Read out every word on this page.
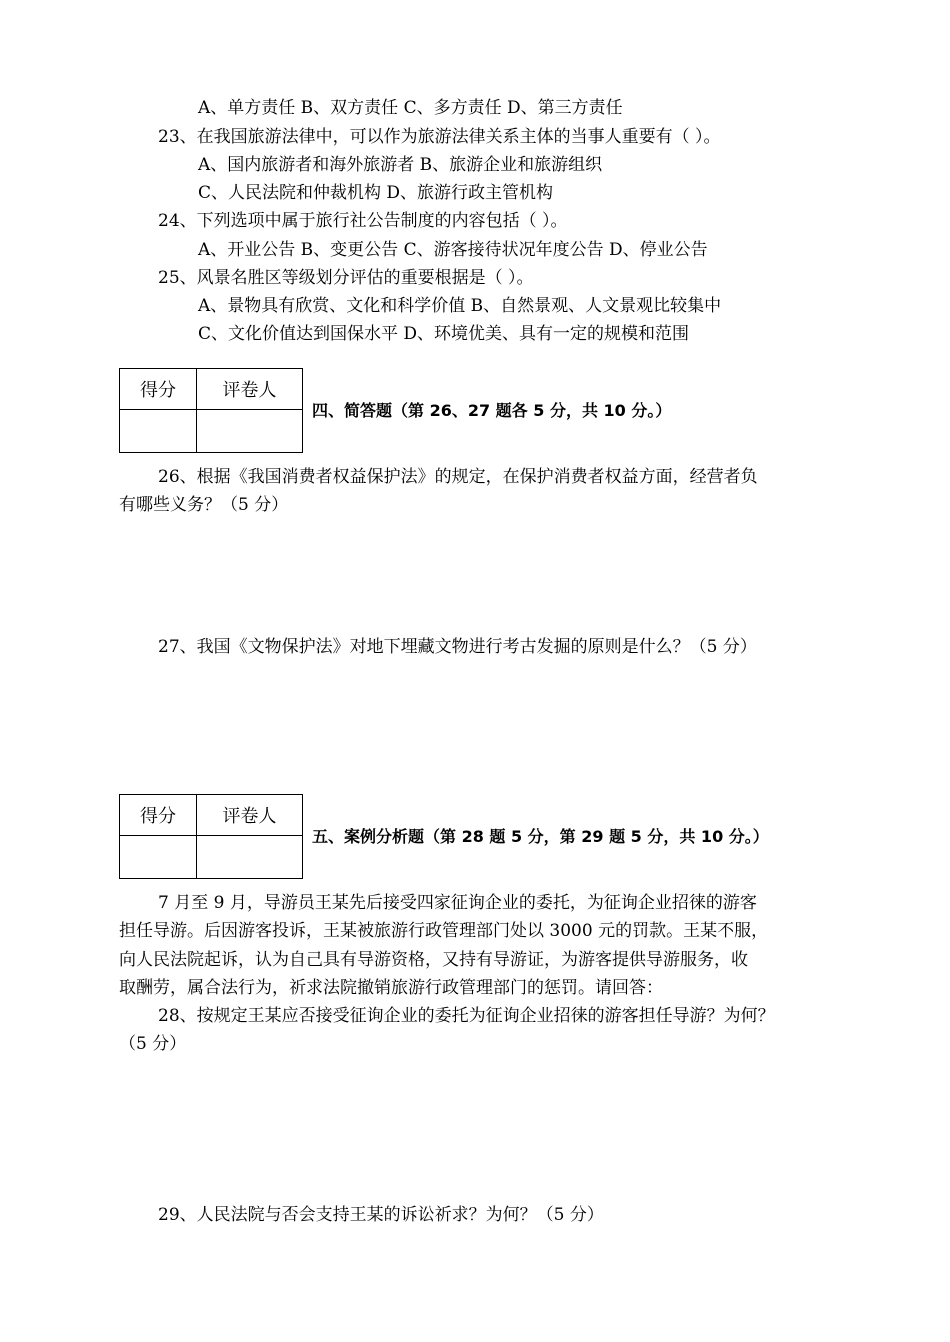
A、单方责任 B、双方责任 C、多方责任 D、第三方责任
23、在我国旅游法律中，可以作为旅游法律关系主体的当事人重要有（ ）。
A、国内旅游者和海外旅游者 B、旅游企业和旅游组织
C、人民法院和仲裁机构 D、旅游行政主管机构
24、下列选项中属于旅行社公告制度的内容包括（ ）。
A、开业公告 B、变更公告 C、游客接待状况年度公告 D、停业公告
25、风景名胜区等级划分评估的重要根据是（ ）。
A、景物具有欣赏、文化和科学价值 B、自然景观、人文景观比较集中
C、文化价值达到国保水平 D、环境优美、具有一定的规模和范围
得分	评卷人

四、简答题（第 26、27 题各 5 分，共 10 分。）
26、根据《我国消费者权益保护法》的规定，在保护消费者权益方面，经营者负
有哪些义务？（5 分）
27、我国《文物保护法》对地下埋藏文物进行考古发掘的原则是什么？（5 分）
得分	评卷人

五、案例分析题（第 28 题 5 分，第 29 题 5 分，共 10 分。）
7 月至 9 月，导游员王某先后接受四家征询企业的委托，为征询企业招徕的游客
担任导游。后因游客投诉，王某被旅游行政管理部门处以 3000 元的罚款。王某不服，
向人民法院起诉，认为自己具有导游资格，又持有导游证，为游客提供导游服务，收
取酬劳，属合法行为，祈求法院撤销旅游行政管理部门的惩罚。请回答：
28、按规定王某应否接受征询企业的委托为征询企业招徕的游客担任导游？为何？
（5 分）
29、人民法院与否会支持王某的诉讼祈求？为何？（5 分）
